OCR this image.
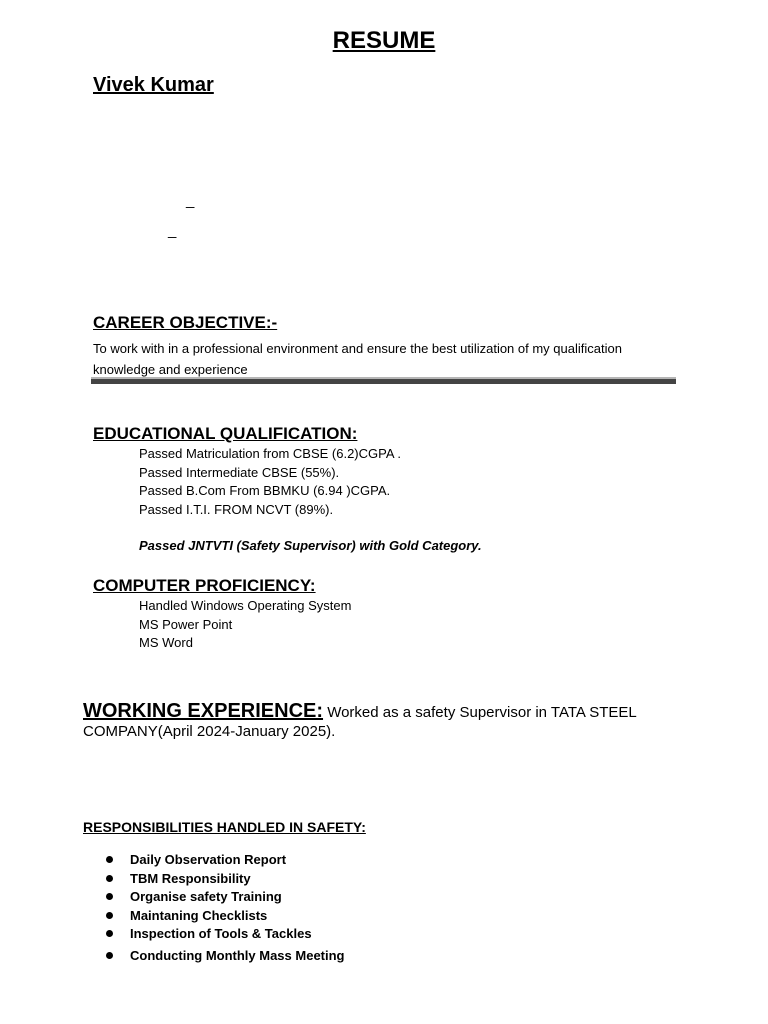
RESUME
Vivek Kumar
_
_
CAREER OBJECTIVE:-
To work with in a professional environment and ensure the best utilization of my qualification knowledge and experience
EDUCATIONAL QUALIFICATION:
Passed Matriculation from CBSE (6.2)CGPA .
Passed Intermediate CBSE (55%).
Passed B.Com From BBMKU (6.94 )CGPA.
Passed I.T.I. FROM NCVT (89%).
Passed JNTVTI (Safety Supervisor) with Gold Category.
COMPUTER PROFICIENCY:
Handled Windows Operating System
MS Power Point
MS Word
WORKING EXPERIENCE: Worked as a safety Supervisor in TATA STEEL COMPANY(April 2024-January 2025).
RESPONSIBILITIES HANDLED IN SAFETY:
Daily Observation Report
TBM Responsibility
Organise safety Training
Maintaning Checklists
Inspection of Tools & Tackles
Conducting Monthly Mass Meeting
